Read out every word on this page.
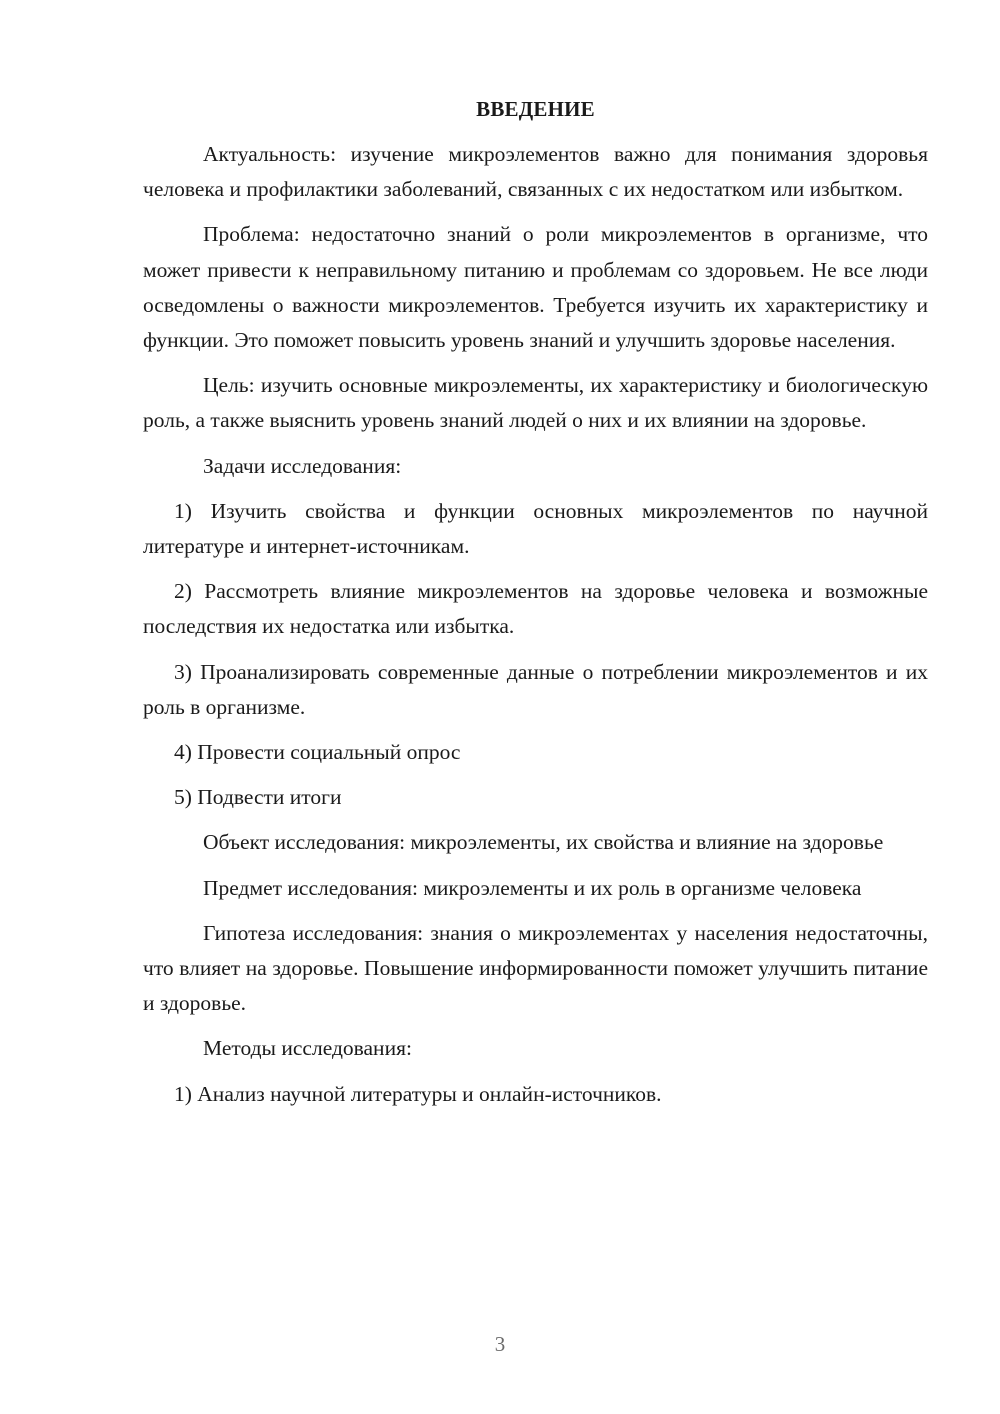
ВВЕДЕНИЕ

Актуальность: изучение микроэлементов важно для понимания здоровья человека и профилактики заболеваний, связанных с их недостатком или избытком.

Проблема: недостаточно знаний о роли микроэлементов в организме, что может привести к неправильному питанию и проблемам со здоровьем. Не все люди осведомлены о важности микроэлементов. Требуется изучить их характеристику и функции. Это поможет повысить уровень знаний и улучшить здоровье населения.

Цель: изучить основные микроэлементы, их характеристику и биологическую роль, а также выяснить уровень знаний людей о них и их влиянии на здоровье.

Задачи исследования:

1) Изучить свойства и функции основных микроэлементов по научной литературе и интернет-источникам.

2) Рассмотреть влияние микроэлементов на здоровье человека и возможные последствия их недостатка или избытка.

3) Проанализировать современные данные о потреблении микроэлементов и их роль в организме.

4) Провести социальный опрос

5) Подвести итоги

Объект исследования: микроэлементы, их свойства и влияние на здоровье

Предмет исследования: микроэлементы и их роль в организме человека

Гипотеза исследования: знания о микроэлементах у населения недостаточны, что влияет на здоровье. Повышение информированности поможет улучшить питание и здоровье.

Методы исследования:

1) Анализ научной литературы и онлайн-источников.

3
